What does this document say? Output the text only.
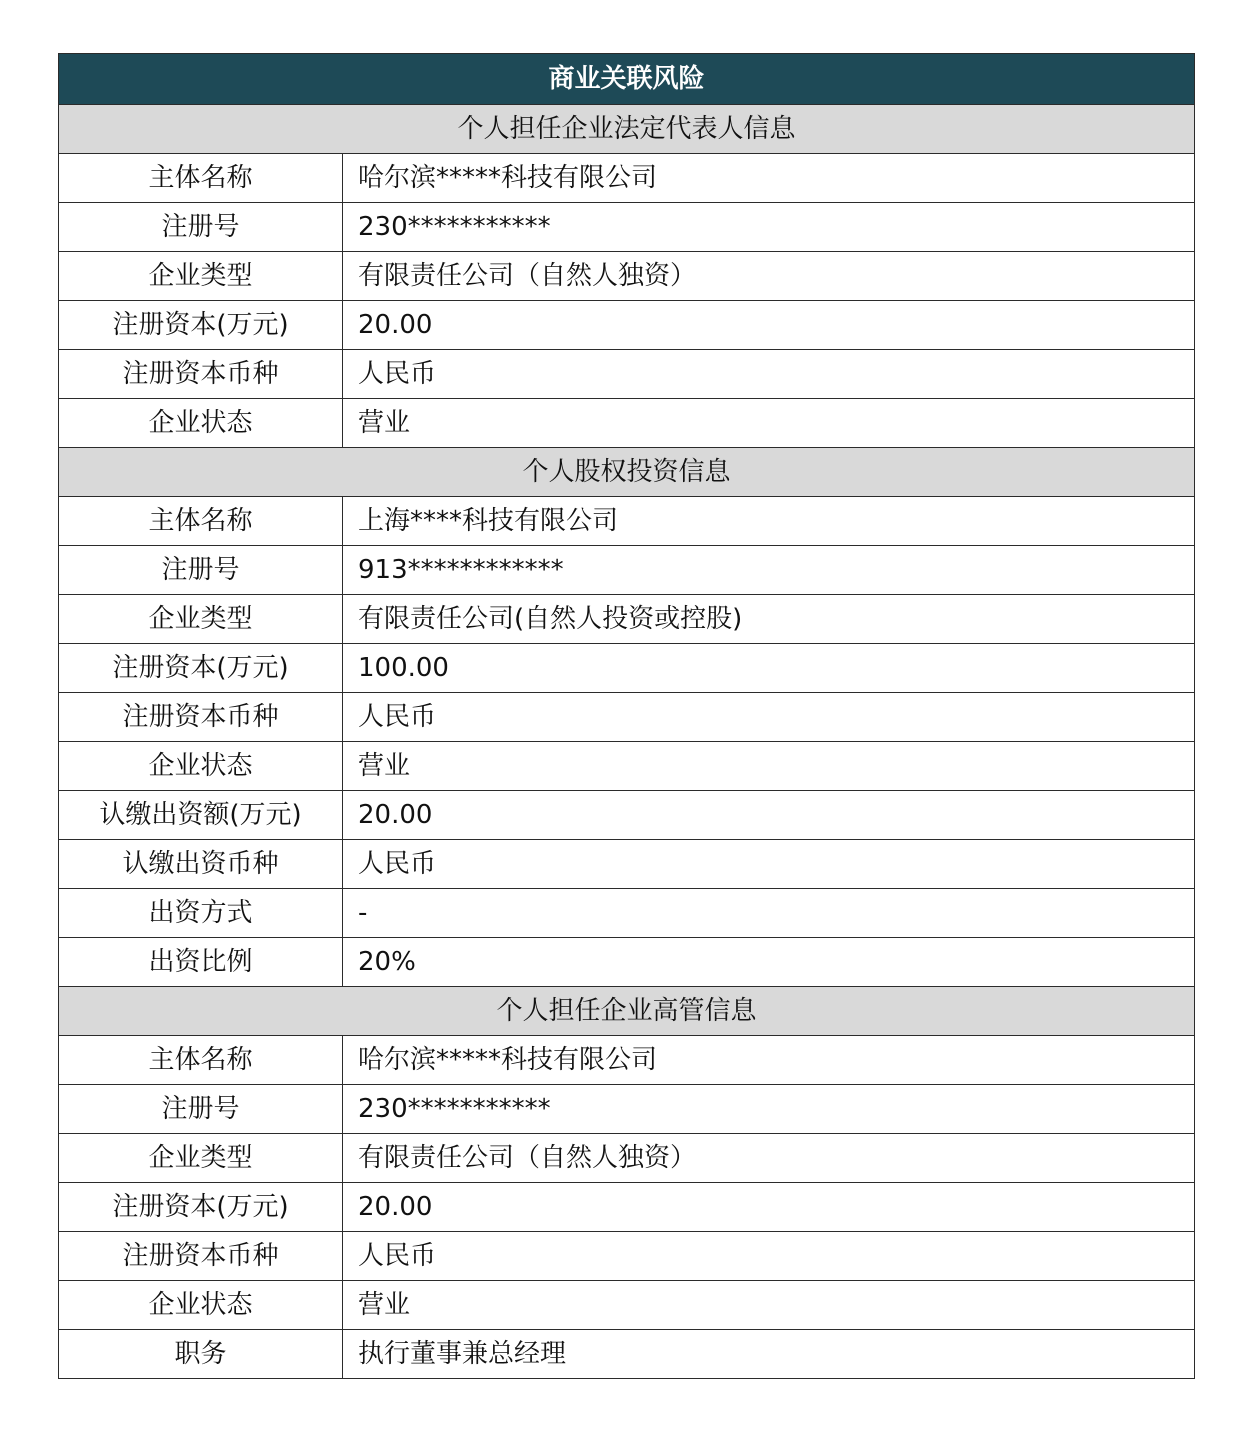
商业关联风险	
个人担任企业法定代表人信息	
主体名称	哈尔滨*****科技有限公司
注册号	230***********
企业类型	有限责任公司（自然人独资）
注册资本(万元)	20.00
注册资本币种	人民币
企业状态	营业
个人股权投资信息	
主体名称	上海****科技有限公司
注册号	913************
企业类型	有限责任公司(自然人投资或控股)
注册资本(万元)	100.00
注册资本币种	人民币
企业状态	营业
认缴出资额(万元)	20.00
认缴出资币种	人民币
出资方式	-
出资比例	20%
个人担任企业高管信息	
主体名称	哈尔滨*****科技有限公司
注册号	230***********
企业类型	有限责任公司（自然人独资）
注册资本(万元)	20.00
注册资本币种	人民币
企业状态	营业
职务	执行董事兼总经理
